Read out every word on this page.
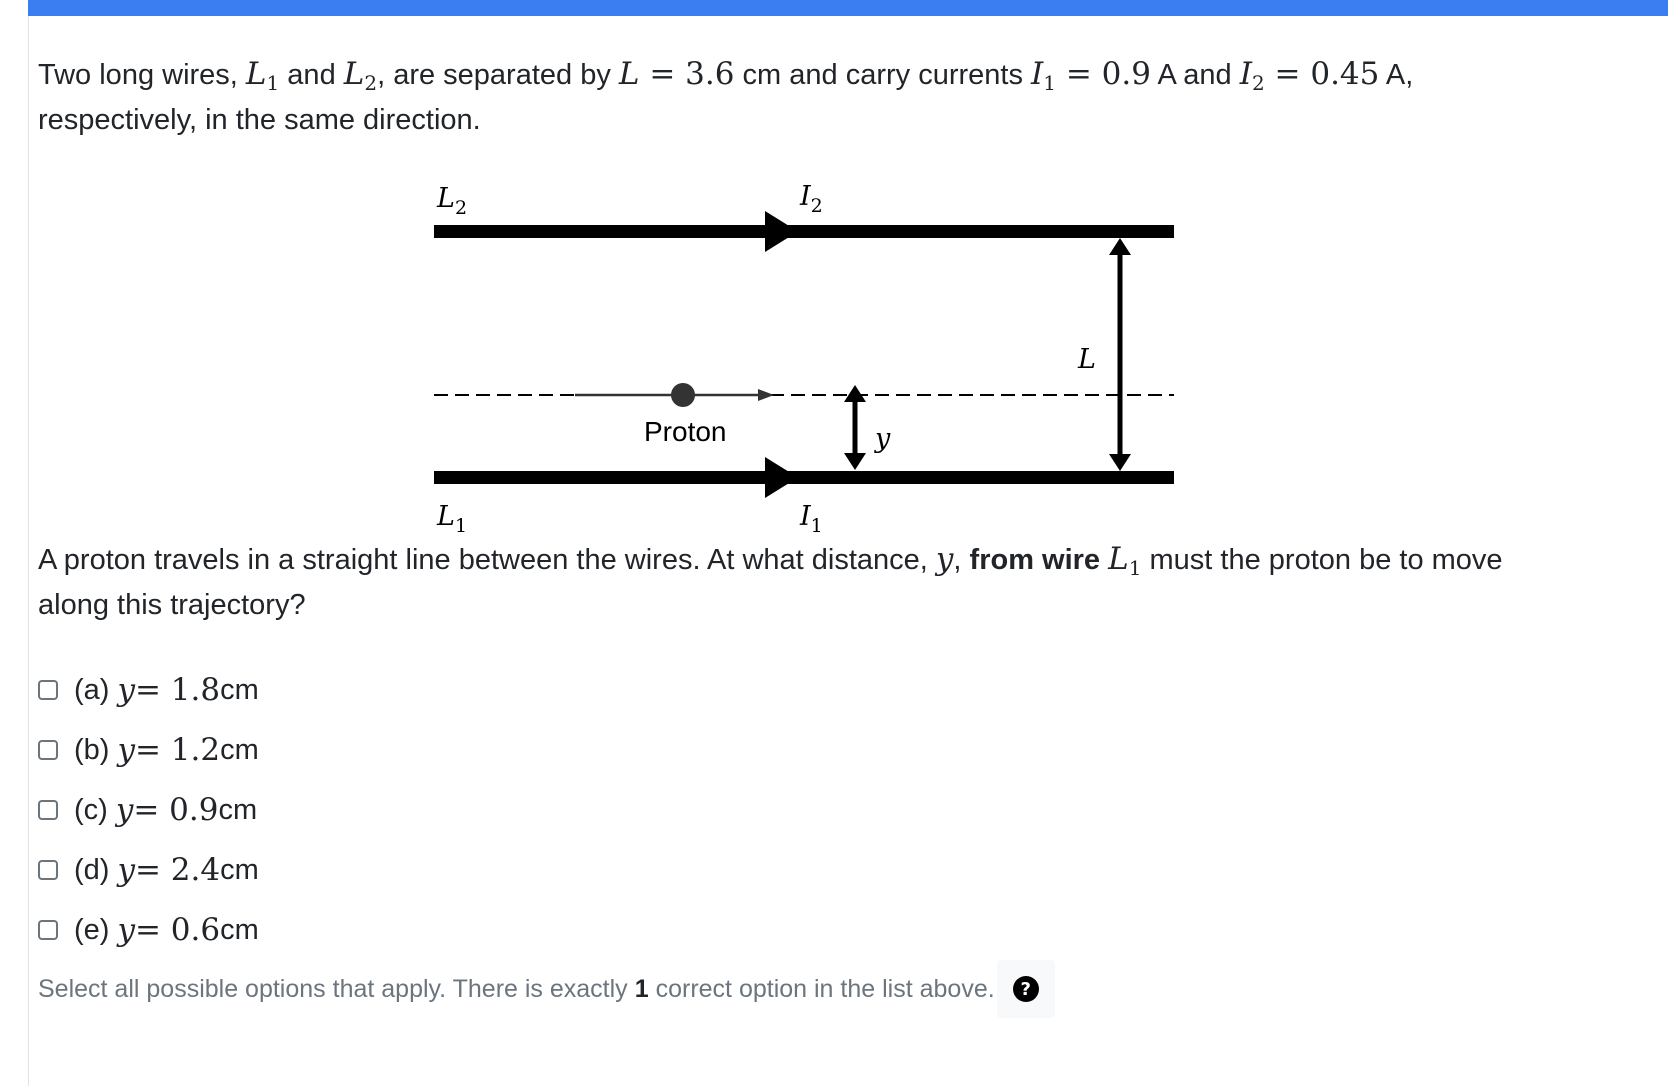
Two long wires, $L_1$ and $L_2$, are separated by L = 3.6 cm and carry currents $I_1 = 0.9$ A and $I_2 = 0.45$ A, respectively, in the same direction.
$L_2$	$I_2$
L
Proton	y
$L_1$	$I_1$
A proton travels in a straight line between the wires. At what distance, y, from wire $L_1$ must the proton be to move along this trajectory?
(a) y = 1.8 cm
(b) y = 1.2 cm
(c) y = 0.9 cm
(d) y = 2.4 cm
(e) y = 0.6 cm
Select all possible options that apply. There is exactly 1 correct option in the list above.	?
